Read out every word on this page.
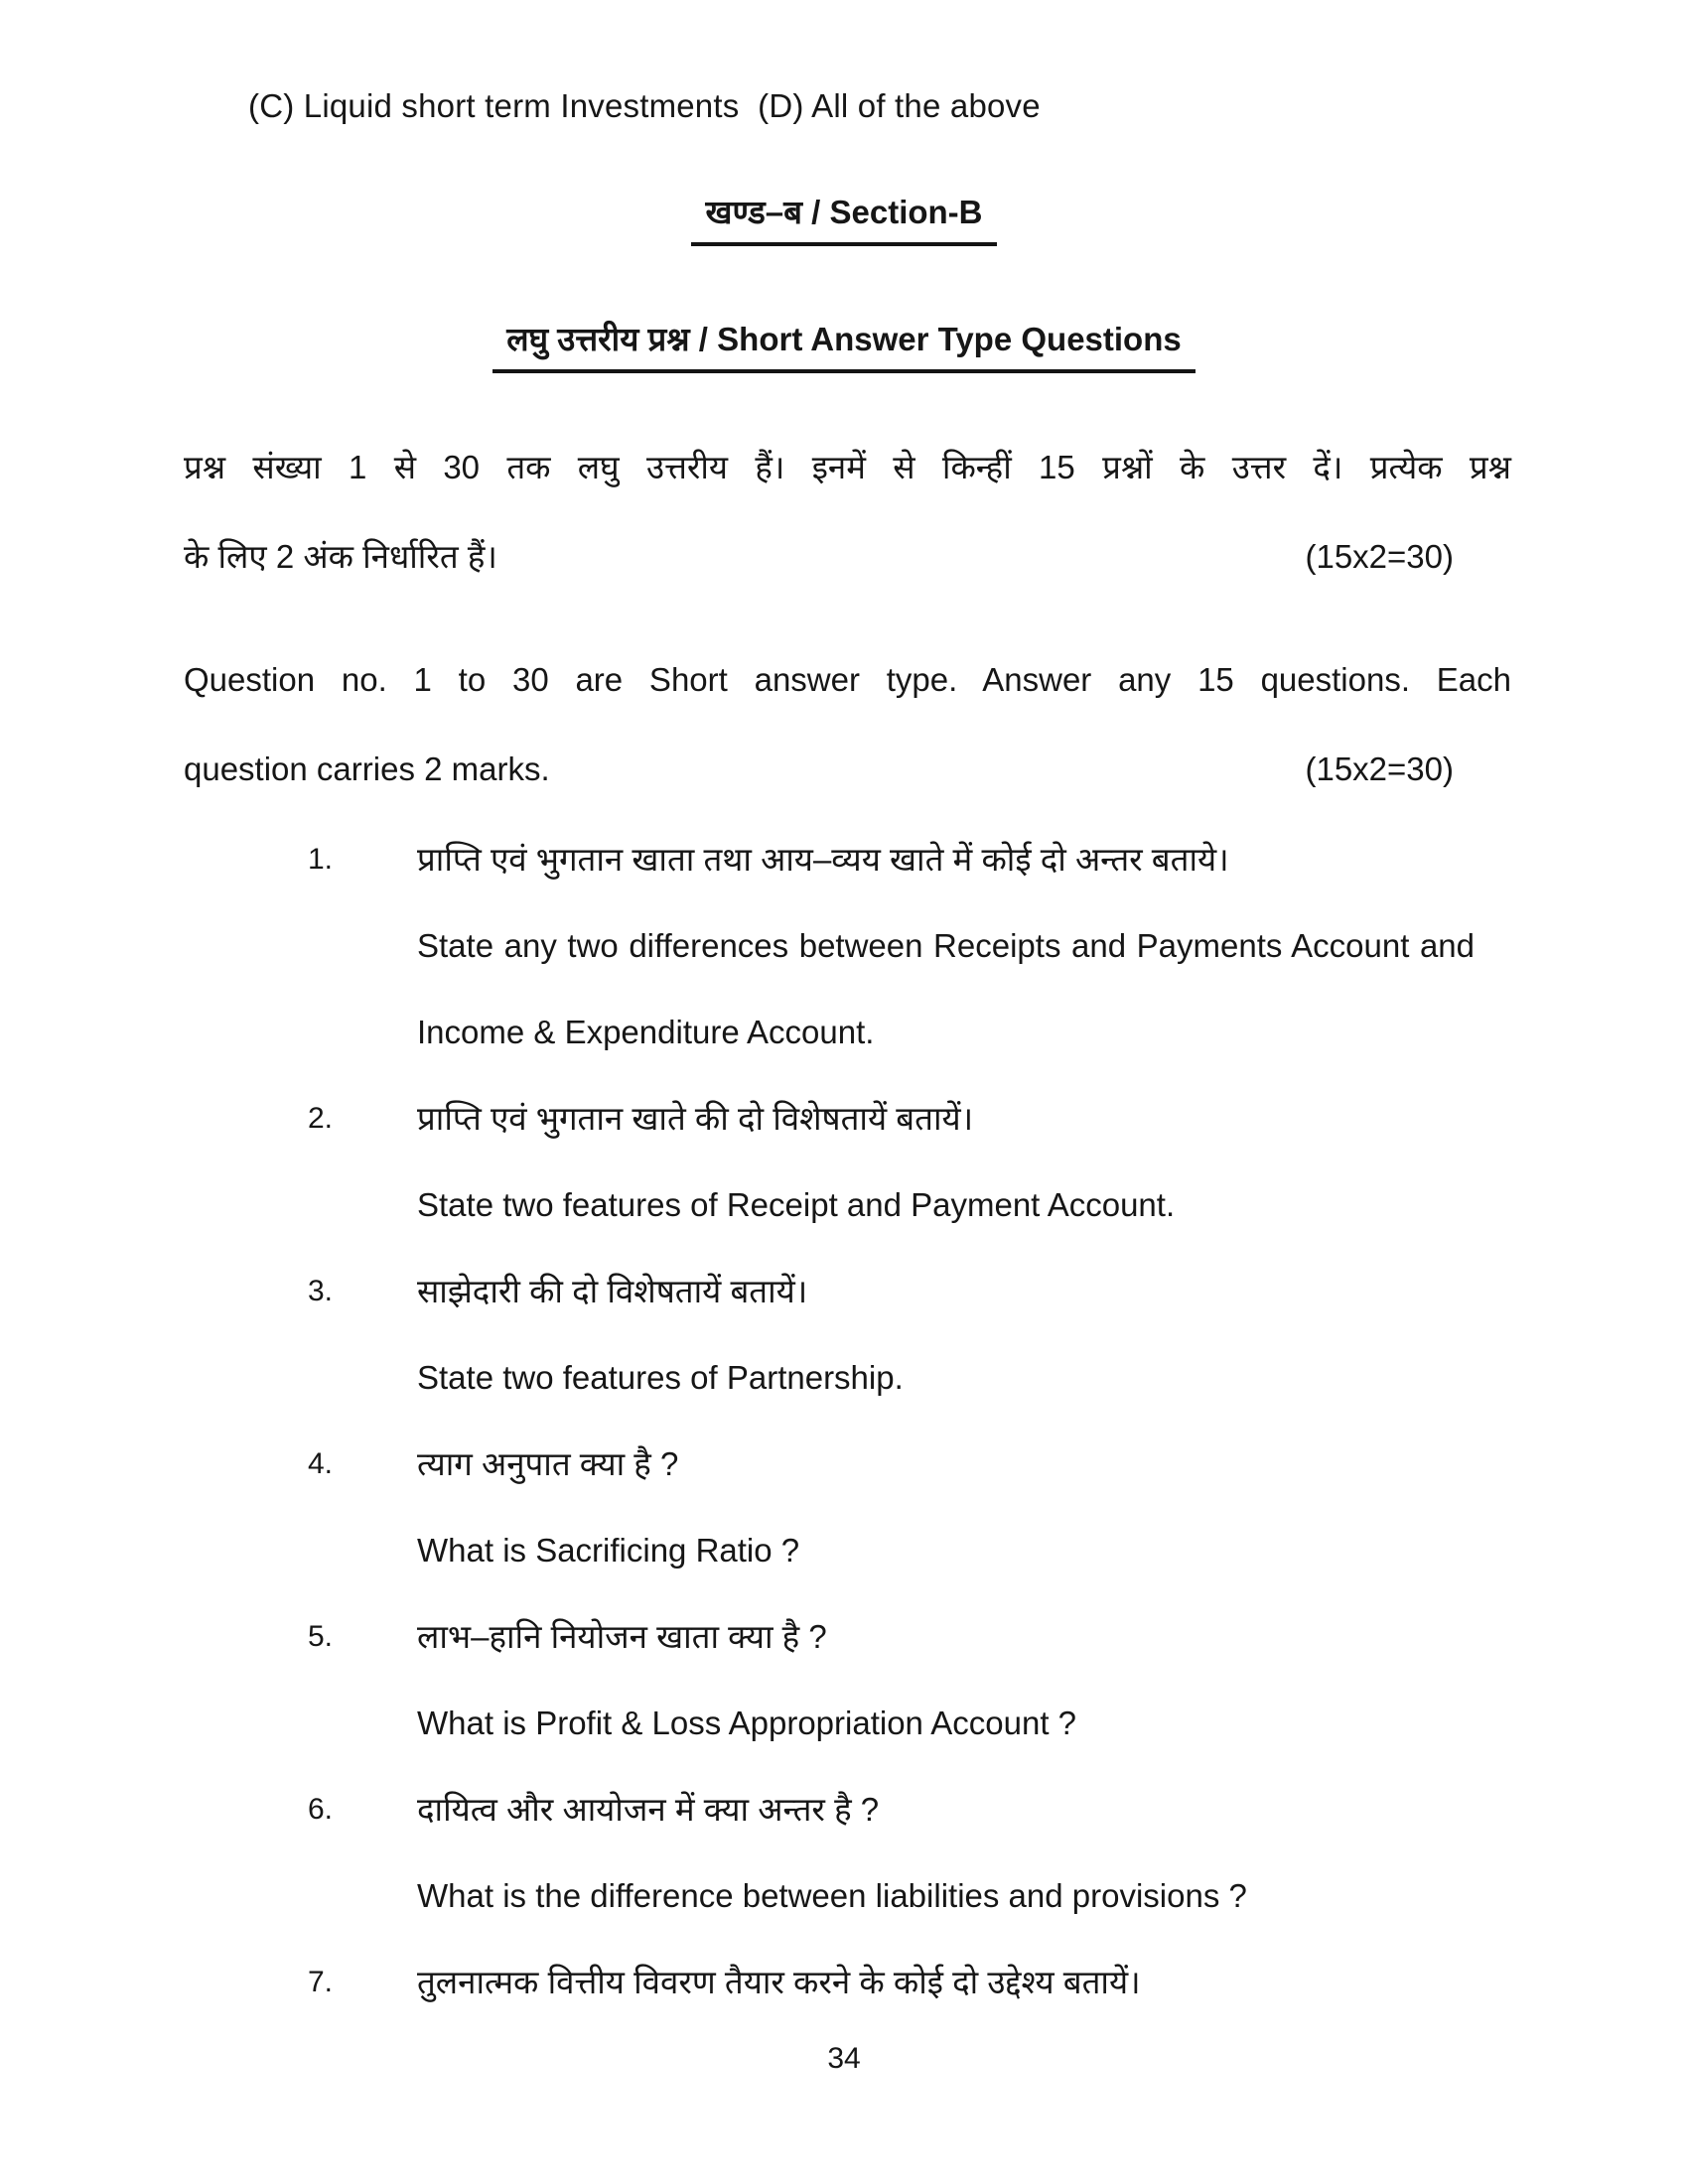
(C) Liquid short term Investments  (D) All of the above
खण्ड–ब / Section-B
लघु उत्तरीय प्रश्न / Short Answer Type Questions
प्रश्न संख्या 1 से 30 तक लघु उत्तरीय हैं। इनमें से किन्हीं 15 प्रश्नों के उत्तर दें। प्रत्येक प्रश्न
के लिए 2 अंक निर्धारित हैं।	(15x2=30)
Question no. 1 to 30 are Short answer type. Answer any 15 questions. Each
question carries 2 marks.	(15x2=30)
1.	प्राप्ति एवं भुगतान खाता तथा आय–व्यय खाते में कोई दो अन्तर बताये।
State any two differences between Receipts and Payments Account and Income & Expenditure Account.
2.	प्राप्ति एवं भुगतान खाते की दो विशेषतायें बतायें।
State two features of Receipt and Payment Account.
3.	साझेदारी की दो विशेषतायें बतायें।
State two features of Partnership.
4.	त्याग अनुपात क्या है ?
What is Sacrificing Ratio ?
5.	लाभ–हानि नियोजन खाता क्या है ?
What is Profit & Loss Appropriation Account ?
6.	दायित्व और आयोजन में क्या अन्तर है ?
What is the difference between liabilities and provisions ?
7.	तुलनात्मक वित्तीय विवरण तैयार करने के कोई दो उद्देश्य बतायें।
34
